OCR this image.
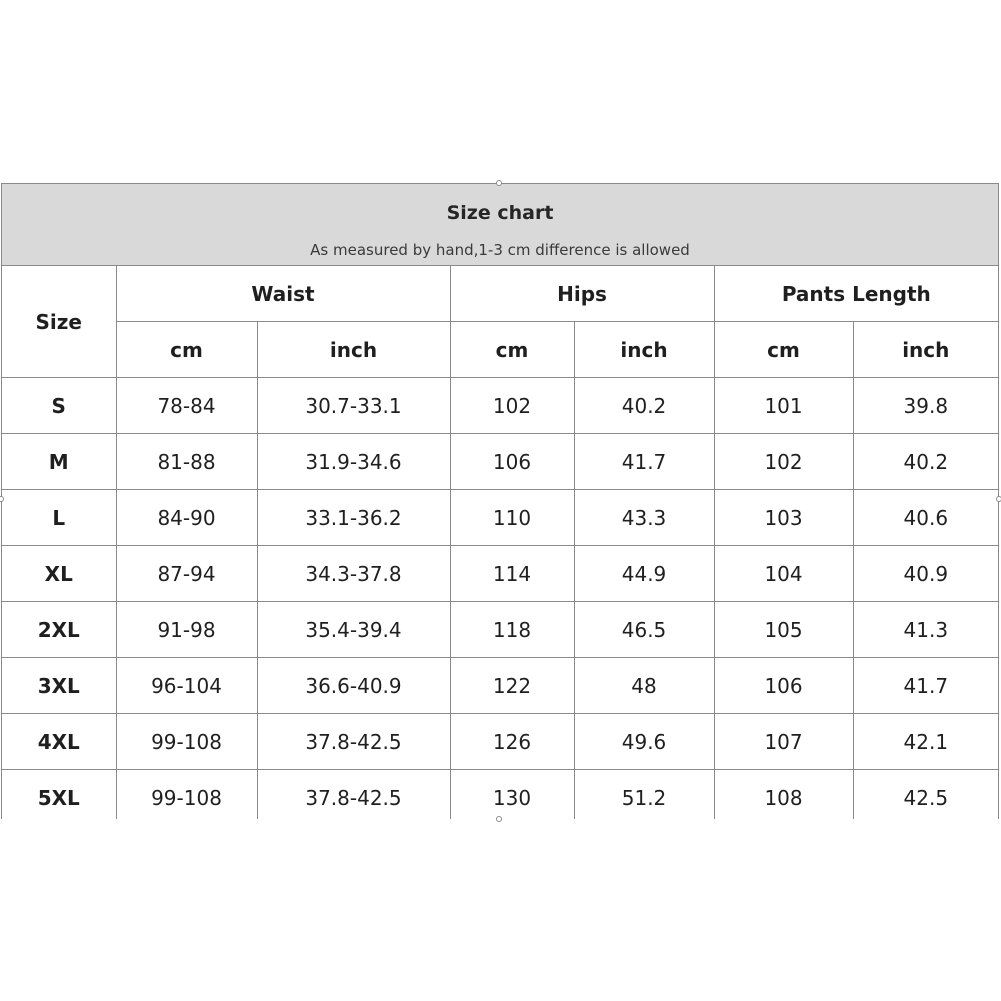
Size chart
As measured by hand,1-3 cm difference is allowed
Size	Waist		Hips		Pants Length	
	cm	inch	cm	inch	cm	inch
S	78-84	30.7-33.1	102	40.2	101	39.8
M	81-88	31.9-34.6	106	41.7	102	40.2
L	84-90	33.1-36.2	110	43.3	103	40.6
XL	87-94	34.3-37.8	114	44.9	104	40.9
2XL	91-98	35.4-39.4	118	46.5	105	41.3
3XL	96-104	36.6-40.9	122	48	106	41.7
4XL	99-108	37.8-42.5	126	49.6	107	42.1
5XL	99-108	37.8-42.5	130	51.2	108	42.5
